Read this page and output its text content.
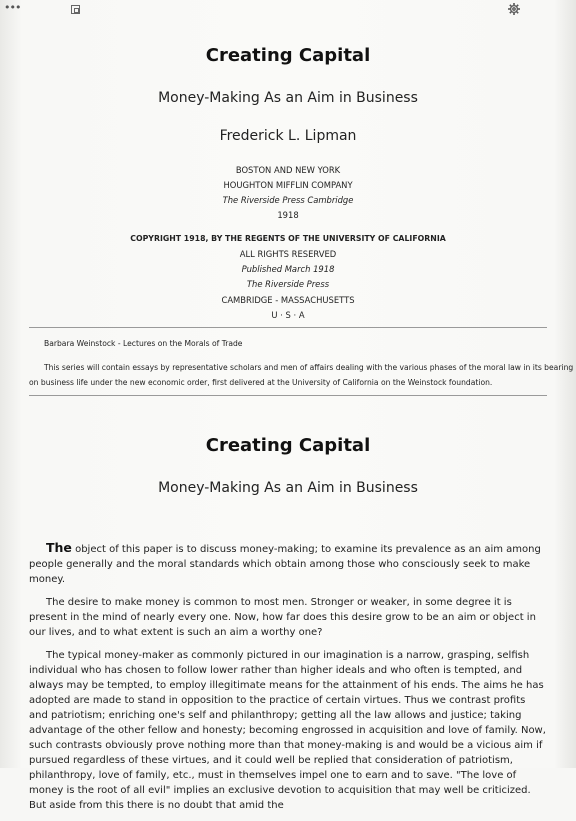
•••
Creating Capital
Money-Making As an Aim in Business
Frederick L. Lipman
BOSTON AND NEW YORK
HOUGHTON MIFFLIN COMPANY
The Riverside Press Cambridge
1918
COPYRIGHT 1918, BY THE REGENTS OF THE UNIVERSITY OF CALIFORNIA
ALL RIGHTS RESERVED
Published March 1918
The Riverside Press
CAMBRIDGE - MASSACHUSETTS
U · S · A

Barbara Weinstock - Lectures on the Morals of Trade

This series will contain essays by representative scholars and men of affairs dealing with the various phases of the moral law in its bearing

on business life under the new economic order, first delivered at the University of California on the Weinstock foundation.

Creating Capital
Money-Making As an Aim in Business

The object of this paper is to discuss money-making; to examine its prevalence as an aim among people generally and the moral standards which obtain among those who consciously seek to make money.

The desire to make money is common to most men. Stronger or weaker, in some degree it is present in the mind of nearly every one. Now, how far does this desire grow to be an aim or object in our lives, and to what extent is such an aim a worthy one?

The typical money-maker as commonly pictured in our imagination is a narrow, grasping, selfish individual who has chosen to follow lower rather than higher ideals and who often is tempted, and always may be tempted, to employ illegitimate means for the attainment of his ends. The aims he has adopted are made to stand in opposition to the practice of certain virtues. Thus we contrast profits and patriotism; enriching one's self and philanthropy; getting all the law allows and justice; taking advantage of the other fellow and honesty; becoming engrossed in acquisition and love of family. Now, such contrasts obviously prove nothing more than that money-making is and would be a vicious aim if pursued regardless of these virtues, and it could well be replied that consideration of patriotism, philanthropy, love of family, etc., must in themselves impel one to earn and to save. "The love of money is the root of all evil" implies an exclusive devotion to acquisition that may well be criticized. But aside from this there is no doubt that amid the
